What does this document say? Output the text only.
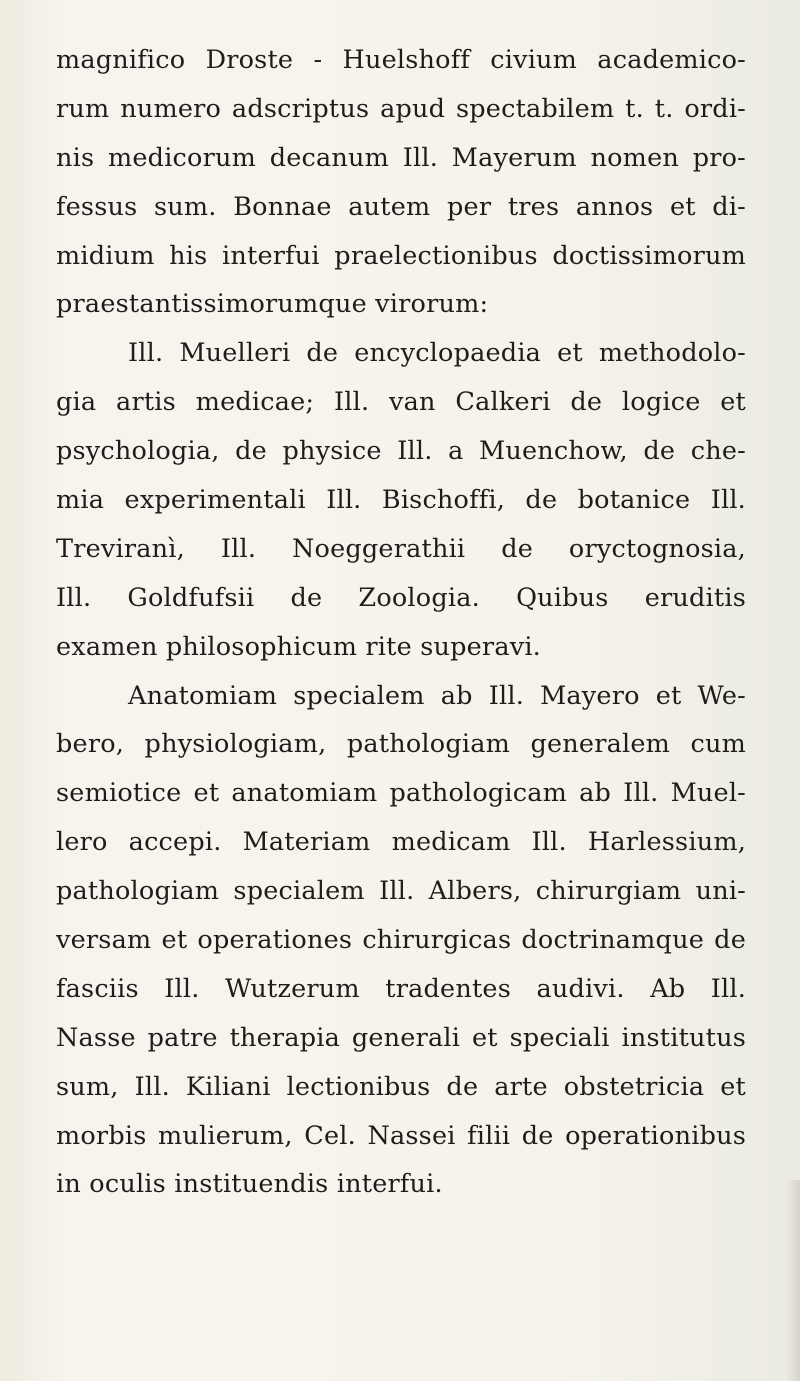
magnifico Droste - Huelshoff civium academico-
rum numero adscriptus apud spectabilem t. t. ordi-
nis medicorum decanum Ill. Mayerum nomen pro-
fessus sum. Bonnae autem per tres annos et di-
midium his interfui praelectionibus doctissimorum
praestantissimorumque virorum:
Ill. Muelleri de encyclopaedia et methodolo-
gia artis medicae; Ill. van Calkeri de logice et
psychologia, de physice Ill. a Muenchow, de che-
mia experimentali Ill. Bischoffi, de botanice Ill.
Treviranì, Ill. Noeggerathii de oryctognosia,
Ill. Goldfufsii de Zoologia. Quibus eruditis
examen philosophicum rite superavi.
Anatomiam specialem ab Ill. Mayero et We-
bero, physiologiam, pathologiam generalem cum
semiotice et anatomiam pathologicam ab Ill. Muel-
lero accepi. Materiam medicam Ill. Harlessium,
pathologiam specialem Ill. Albers, chirurgiam uni-
versam et operationes chirurgicas doctrinamque de
fasciis Ill. Wutzerum tradentes audivi. Ab Ill.
Nasse patre therapia generali et speciali institutus
sum, Ill. Kiliani lectionibus de arte obstetricia et
morbis mulierum, Cel. Nassei filii de operationibus
in oculis instituendis interfui.
